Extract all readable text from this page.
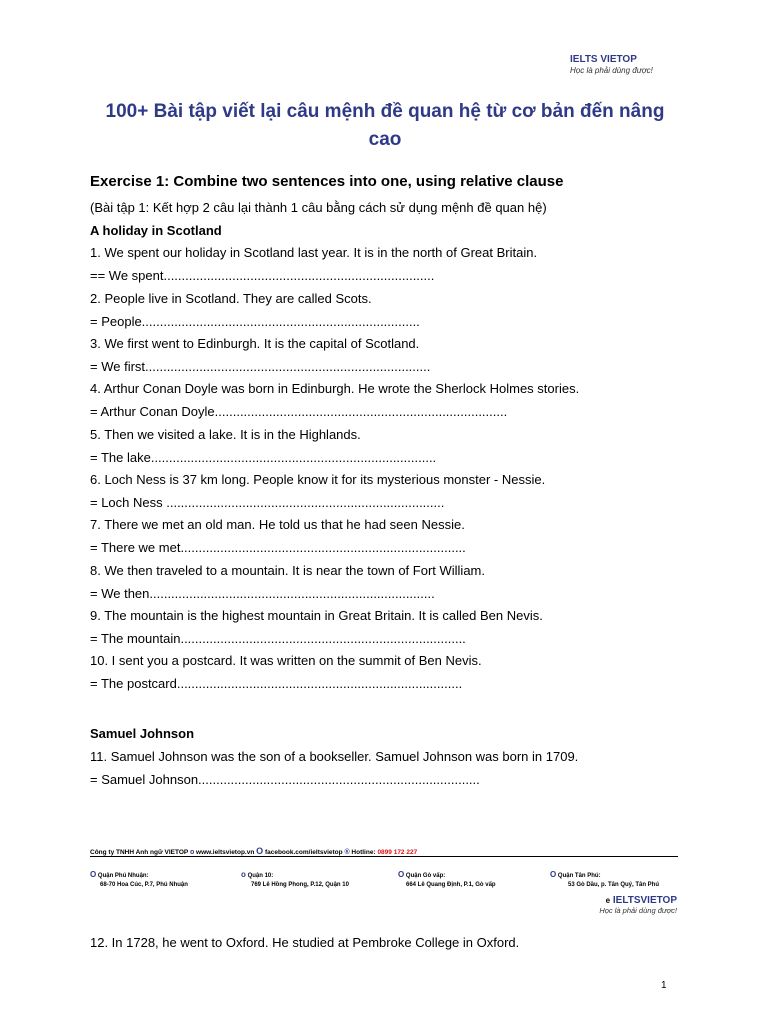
IELTS VIETOP
Học là phải dùng được!
100+ Bài tập viết lại câu mệnh đề quan hệ từ cơ bản đến nâng cao
Exercise 1: Combine two sentences into one, using relative clause
(Bài tập 1: Kết hợp 2 câu lại thành 1 câu bằng cách sử dụng mệnh đề quan hệ)
A holiday in Scotland
1. We spent our holiday in Scotland last year. It is in the north of Great Britain.
== We spent...........................................................................
2. People live in Scotland. They are called Scots.
= People.............................................................................
3. We first went to Edinburgh. It is the capital of Scotland.
= We first...............................................................................
4. Arthur Conan Doyle was born in Edinburgh. He wrote the Sherlock Holmes stories.
= Arthur Conan Doyle.................................................................................
5. Then we visited a lake. It is in the Highlands.
= The lake...............................................................................
6. Loch Ness is 37 km long. People know it for its mysterious monster - Nessie.
= Loch Ness .............................................................................
7. There we met an old man. He told us that he had seen Nessie.
= There we met...............................................................................
8. We then traveled to a mountain. It is near the town of Fort William.
= We then...............................................................................
9. The mountain is the highest mountain in Great Britain. It is called Ben Nevis.
= The mountain...............................................................................
10. I sent you a postcard. It was written on the summit of Ben Nevis.
= The postcard...............................................................................
Samuel Johnson
11. Samuel Johnson was the son of a bookseller. Samuel Johnson was born in 1709.
= Samuel Johnson..............................................................................
Công ty TNHH Anh ngữ VIETOP o www.ieltsvietop.vn O facebook.com/ieltsvietop ® Hotline: 0899 172 227
O Quận Phú Nhuận:
68-70 Hoa Cúc, P.7, Phú Nhuận
o Quận 10:
769 Lê Hồng Phong, P.12, Quận 10
O Quận Gò vấp:
664 Lê Quang Định, P.1, Gò vấp
O Quận Tân Phú:
53 Gò Dầu, p. Tân Quý, Tân Phú
e IELTSVIETOP
Học là phải dùng được!
12. In 1728, he went to Oxford. He studied at Pembroke College in Oxford.
1
